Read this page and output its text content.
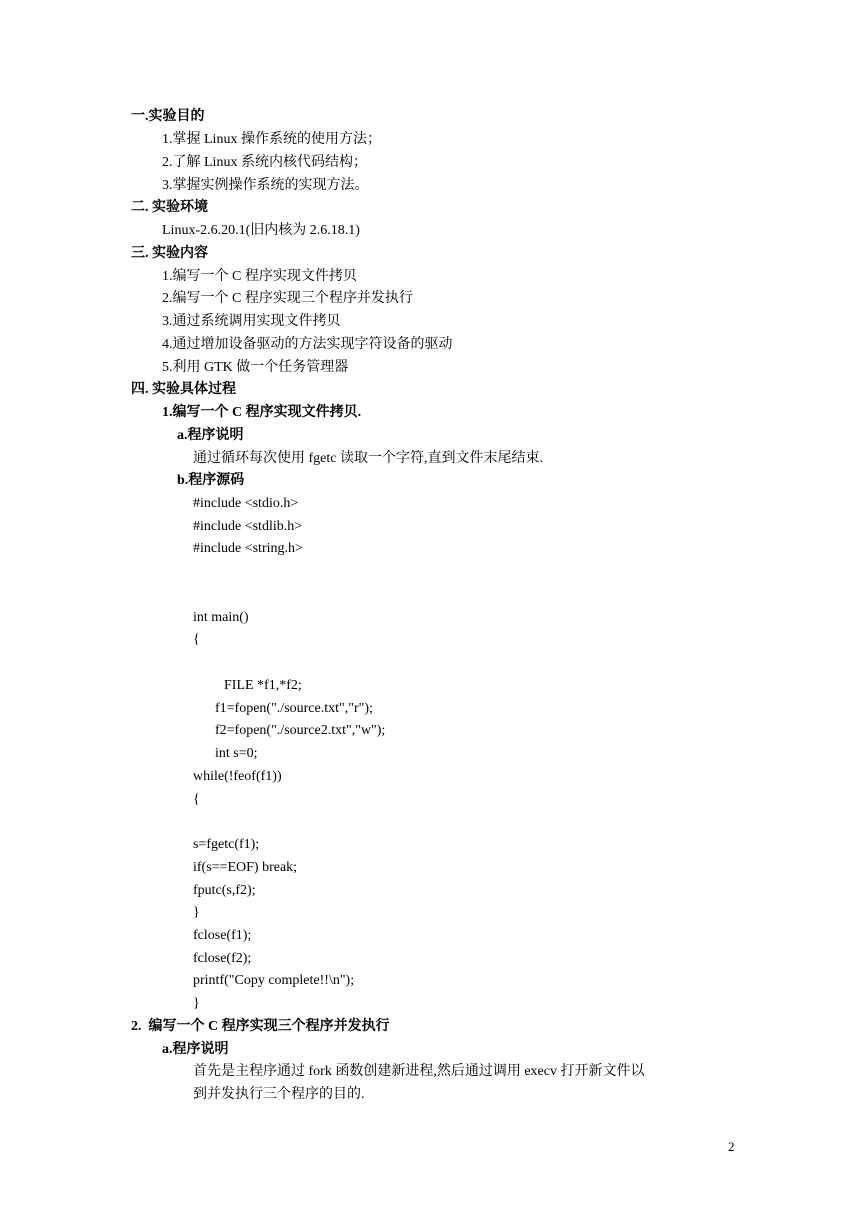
一.实验目的
1.掌握 Linux 操作系统的使用方法；
2.了解 Linux 系统内核代码结构；
3.掌握实例操作系统的实现方法。
二. 实验环境
Linux-2.6.20.1(旧内核为 2.6.18.1)
三. 实验内容
1.编写一个 C 程序实现文件拷贝
2.编写一个 C 程序实现三个程序并发执行
3.通过系统调用实现文件拷贝
4.通过增加设备驱动的方法实现字符设备的驱动
5.利用 GTK 做一个任务管理器
四. 实验具体过程
1.编写一个 C 程序实现文件拷贝.
a.程序说明
通过循环每次使用 fgetc 读取一个字符,直到文件末尾结束.
b.程序源码
#include <stdio.h>
#include <stdlib.h>
#include <string.h>
int main()
{
FILE *f1,*f2;
f1=fopen("./source.txt","r");
f2=fopen("./source2.txt","w");
int s=0;
while(!feof(f1))
{
s=fgetc(f1);
if(s==EOF) break;
fputc(s,f2);
}
fclose(f1);
fclose(f2);
printf("Copy complete!!\n");
}
2.  编写一个 C 程序实现三个程序并发执行
a.程序说明
首先是主程序通过 fork 函数创建新进程,然后通过调用 execv 打开新文件以
到并发执行三个程序的目的.
2
